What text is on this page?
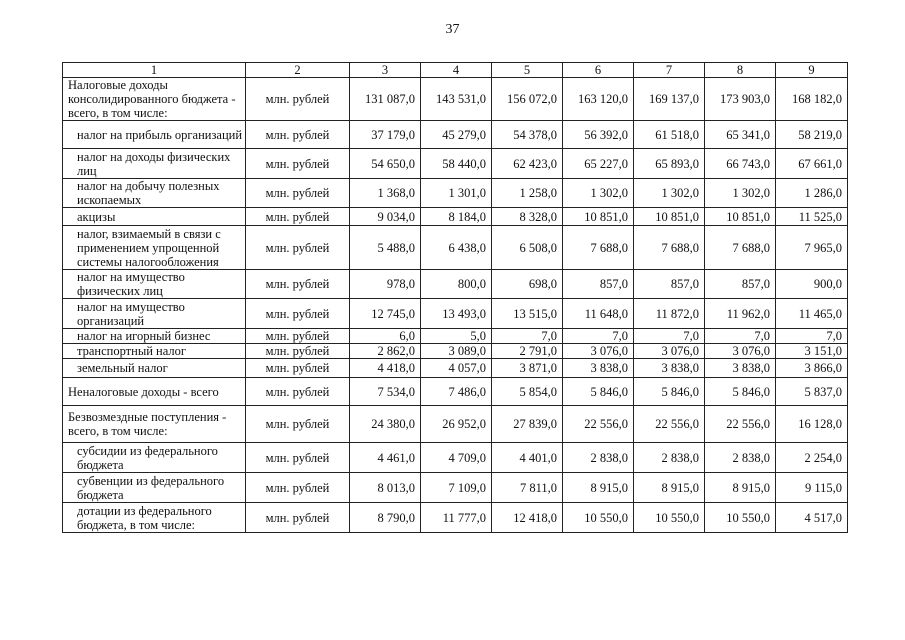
37
1	2	3	4	5	6	7	8	9
Налоговые доходы консолидированного бюджета - всего, в том числе:	млн. рублей	131 087,0	143 531,0	156 072,0	163 120,0	169 137,0	173 903,0	168 182,0
налог на прибыль организаций	млн. рублей	37 179,0	45 279,0	54 378,0	56 392,0	61 518,0	65 341,0	58 219,0
налог на доходы физических лиц	млн. рублей	54 650,0	58 440,0	62 423,0	65 227,0	65 893,0	66 743,0	67 661,0
налог на добычу полезных ископаемых	млн. рублей	1 368,0	1 301,0	1 258,0	1 302,0	1 302,0	1 302,0	1 286,0
акцизы	млн. рублей	9 034,0	8 184,0	8 328,0	10 851,0	10 851,0	10 851,0	11 525,0
налог, взимаемый в связи с применением упрощенной системы налогообложения	млн. рублей	5 488,0	6 438,0	6 508,0	7 688,0	7 688,0	7 688,0	7 965,0
налог на имущество физических лиц	млн. рублей	978,0	800,0	698,0	857,0	857,0	857,0	900,0
налог на имущество организаций	млн. рублей	12 745,0	13 493,0	13 515,0	11 648,0	11 872,0	11 962,0	11 465,0
налог на игорный бизнес	млн. рублей	6,0	5,0	7,0	7,0	7,0	7,0	7,0
транспортный налог	млн. рублей	2 862,0	3 089,0	2 791,0	3 076,0	3 076,0	3 076,0	3 151,0
земельный налог	млн. рублей	4 418,0	4 057,0	3 871,0	3 838,0	3 838,0	3 838,0	3 866,0
Неналоговые доходы - всего	млн. рублей	7 534,0	7 486,0	5 854,0	5 846,0	5 846,0	5 846,0	5 837,0
Безвозмездные поступления - всего, в том числе:	млн. рублей	24 380,0	26 952,0	27 839,0	22 556,0	22 556,0	22 556,0	16 128,0
субсидии из федерального бюджета	млн. рублей	4 461,0	4 709,0	4 401,0	2 838,0	2 838,0	2 838,0	2 254,0
субвенции из федерального бюджета	млн. рублей	8 013,0	7 109,0	7 811,0	8 915,0	8 915,0	8 915,0	9 115,0
дотации из федерального бюджета, в том числе:	млн. рублей	8 790,0	11 777,0	12 418,0	10 550,0	10 550,0	10 550,0	4 517,0
